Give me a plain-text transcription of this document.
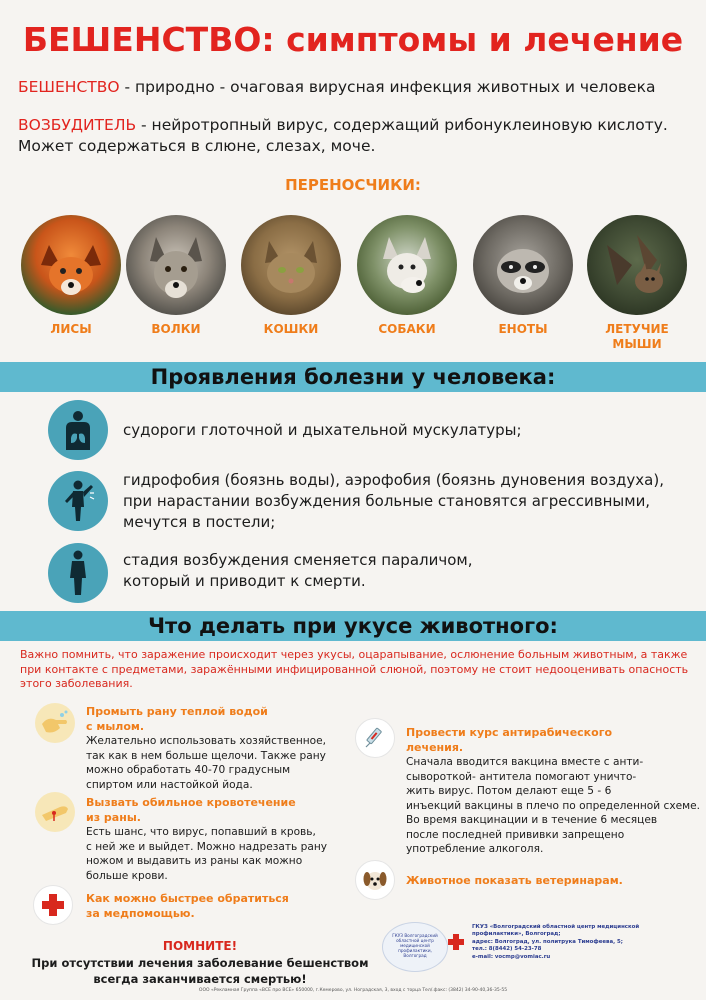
БЕШЕНСТВО: симптомы и лечение
БЕШЕНСТВО - природно - очаговая вирусная инфекция животных и человека
ВОЗБУДИТЕЛЬ - нейротропный вирус, содержащий рибонуклеиновую кислоту.
Может содержаться в слюне, слезах, моче.
ПЕРЕНОСЧИКИ:
ЛИСЫ	ВОЛКИ	КОШКИ	СОБАКИ	ЕНОТЫ	ЛЕТУЧИЕ
МЫШИ
Проявления болезни у человека:
судороги глоточной и дыхательной мускулатуры;
гидрофобия (боязнь воды), аэрофобия (боязнь дуновения воздуха),
при нарастании возбуждения больные становятся агрессивными,
мечутся в постели;
стадия возбуждения сменяется параличом,
который и приводит к смерти.
Что делать при укусе животного:
Важно помнить, что заражение происходит через укусы, оцарапывание, ослюнение больным животным, а также при контакте с предметами, заражёнными инфицированной слюной, поэтому не стоит недооценивать опасность этого заболевания.
Промыть рану теплой водой
с мылом.
Желательно использовать хозяйственное,
так как в нем больше щелочи. Также рану
можно обработать 40-70 градусным
спиртом или настойкой йода.
Вызвать обильное кровотечение
из раны.
Есть шанс, что вирус, попавший в кровь,
с ней же и выйдет. Можно надрезать рану
ножом и выдавить из раны как можно
больше крови.
Как можно быстрее обратиться
за медпомощью.
Провести курс антирабического
лечения.
Сначала вводится вакцина вместе с анти-
сывороткой- антитела помогают уничто-
жить вирус. Потом делают еще 5 - 6
инъекций вакцины в плечо по определенной схеме.
Во время вакцинации и в течение 6 месяцев
после последней прививки запрещено
употребление алкоголя.
Животное показать ветеринарам.
ПОМНИТЕ!
При отсутствии лечения заболевание бешенством
всегда заканчивается смертью!
ГКУЗ Волгоградский областной центр медицинской профилактики, Волгоград
ГКУЗ «Волгоградский областной центр медицинской профилактики», Волгоград;
адрес: Волгоград, ул. политрука Тимофеева, 5;
тел.: 8(8442) 54-23-78
e-mail: vocmp@vomiac.ru
ООО «Рекламная Группа «ВСЕ про ВСЕ» 650000, г.Кемерово, ул. Ноградская, 3, вход с торца Тел/.факс: (3842) 34-90-40,36-35-55
